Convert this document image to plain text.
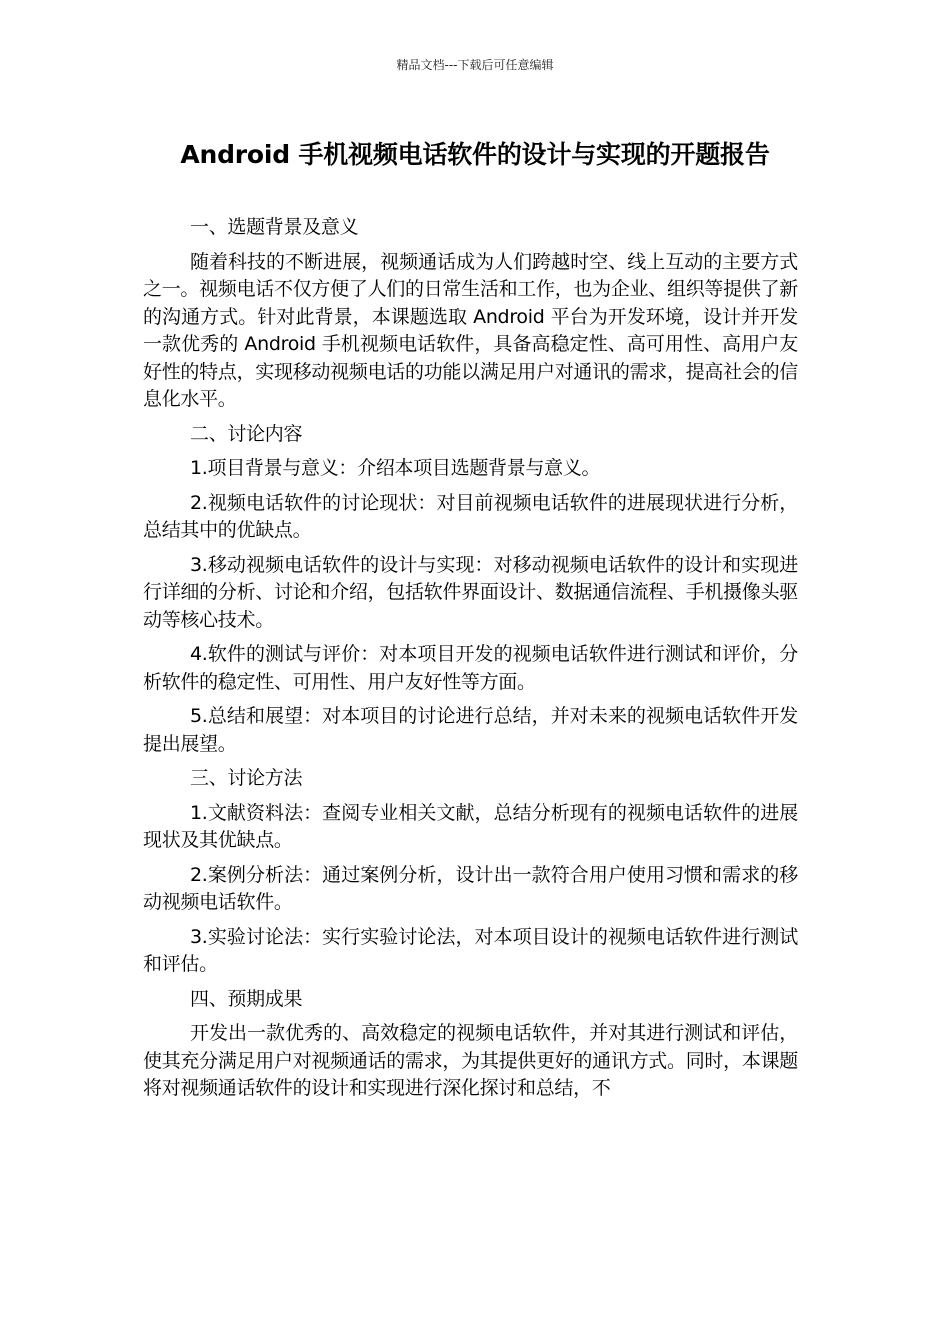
精品文档---下载后可任意编辑
Android 手机视频电话软件的设计与实现的开题报告

一、选题背景及意义

随着科技的不断进展，视频通话成为人们跨越时空、线上互动的主要方式之一。视频电话不仅方便了人们的日常生活和工作，也为企业、组织等提供了新的沟通方式。针对此背景，本课题选取 Android 平台为开发环境，设计并开发一款优秀的 Android 手机视频电话软件，具备高稳定性、高可用性、高用户友好性的特点，实现移动视频电话的功能以满足用户对通讯的需求，提高社会的信息化水平。

二、讨论内容

1.项目背景与意义：介绍本项目选题背景与意义。

2.视频电话软件的讨论现状：对目前视频电话软件的进展现状进行分析，总结其中的优缺点。

3.移动视频电话软件的设计与实现：对移动视频电话软件的设计和实现进行详细的分析、讨论和介绍，包括软件界面设计、数据通信流程、手机摄像头驱动等核心技术。

4.软件的测试与评价：对本项目开发的视频电话软件进行测试和评价，分析软件的稳定性、可用性、用户友好性等方面。

5.总结和展望：对本项目的讨论进行总结，并对未来的视频电话软件开发提出展望。

三、讨论方法

1.文献资料法：查阅专业相关文献，总结分析现有的视频电话软件的进展现状及其优缺点。

2.案例分析法：通过案例分析，设计出一款符合用户使用习惯和需求的移动视频电话软件。

3.实验讨论法：实行实验讨论法，对本项目设计的视频电话软件进行测试和评估。

四、预期成果

开发出一款优秀的、高效稳定的视频电话软件，并对其进行测试和评估，使其充分满足用户对视频通话的需求，为其提供更好的通讯方式。同时，本课题将对视频通话软件的设计和实现进行深化探讨和总结，不
